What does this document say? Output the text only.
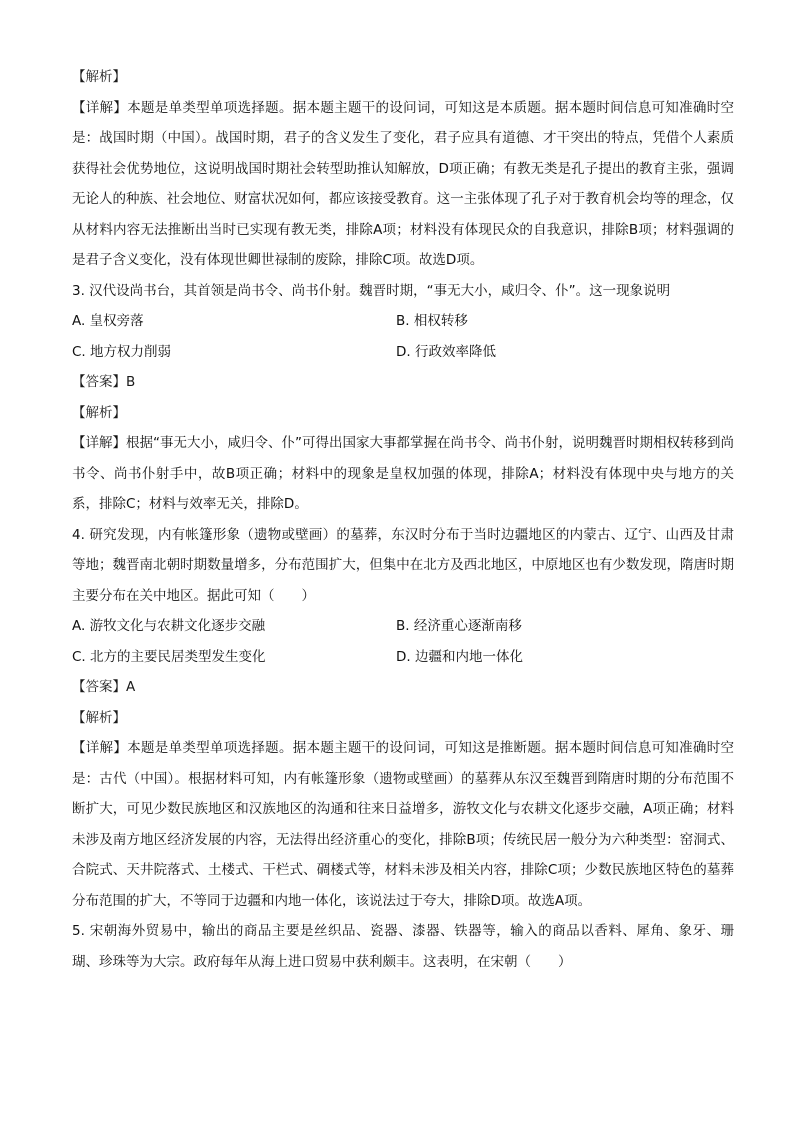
【解析】
【详解】本题是单类型单项选择题。据本题主题干的设问词，可知这是本质题。据本题时间信息可知准确时空是：战国时期（中国）。战国时期，君子的含义发生了变化，君子应具有道德、才干突出的特点，凭借个人素质获得社会优势地位，这说明战国时期社会转型助推认知解放，D项正确；有教无类是孔子提出的教育主张，强调无论人的种族、社会地位、财富状况如何，都应该接受教育。这一主张体现了孔子对于教育机会均等的理念，仅从材料内容无法推断出当时已实现有教无类，排除A项；材料没有体现民众的自我意识，排除B项；材料强调的是君子含义变化，没有体现世卿世禄制的废除，排除C项。故选D项。
3. 汉代设尚书台，其首领是尚书令、尚书仆射。魏晋时期，“事无大小，咸归令、仆”。这一现象说明
A. 皇权旁落	B. 相权转移
C. 地方权力削弱	D. 行政效率降低
【答案】B
【解析】
【详解】根据“事无大小，咸归令、仆”可得出国家大事都掌握在尚书令、尚书仆射，说明魏晋时期相权转移到尚书令、尚书仆射手中，故B项正确；材料中的现象是皇权加强的体现，排除A；材料没有体现中央与地方的关系，排除C；材料与效率无关，排除D。
4. 研究发现，内有帐篷形象（遗物或壁画）的墓葬，东汉时分布于当时边疆地区的内蒙古、辽宁、山西及甘肃等地；魏晋南北朝时期数量增多，分布范围扩大，但集中在北方及西北地区，中原地区也有少数发现，隋唐时期主要分布在关中地区。据此可知（　　）
A. 游牧文化与农耕文化逐步交融	B. 经济重心逐渐南移
C. 北方的主要民居类型发生变化	D. 边疆和内地一体化
【答案】A
【解析】
【详解】本题是单类型单项选择题。据本题主题干的设问词，可知这是推断题。据本题时间信息可知准确时空是：古代（中国）。根据材料可知，内有帐篷形象（遗物或壁画）的墓葬从东汉至魏晋到隋唐时期的分布范围不断扩大，可见少数民族地区和汉族地区的沟通和往来日益增多，游牧文化与农耕文化逐步交融，A项正确；材料未涉及南方地区经济发展的内容，无法得出经济重心的变化，排除B项；传统民居一般分为六种类型：窑洞式、合院式、天井院落式、土楼式、干栏式、碉楼式等，材料未涉及相关内容，排除C项；少数民族地区特色的墓葬分布范围的扩大，不等同于边疆和内地一体化，该说法过于夸大，排除D项。故选A项。
5. 宋朝海外贸易中，输出的商品主要是丝织品、瓷器、漆器、铁器等，输入的商品以香料、犀角、象牙、珊瑚、珍珠等为大宗。政府每年从海上进口贸易中获利颇丰。这表明，在宋朝（　　）
